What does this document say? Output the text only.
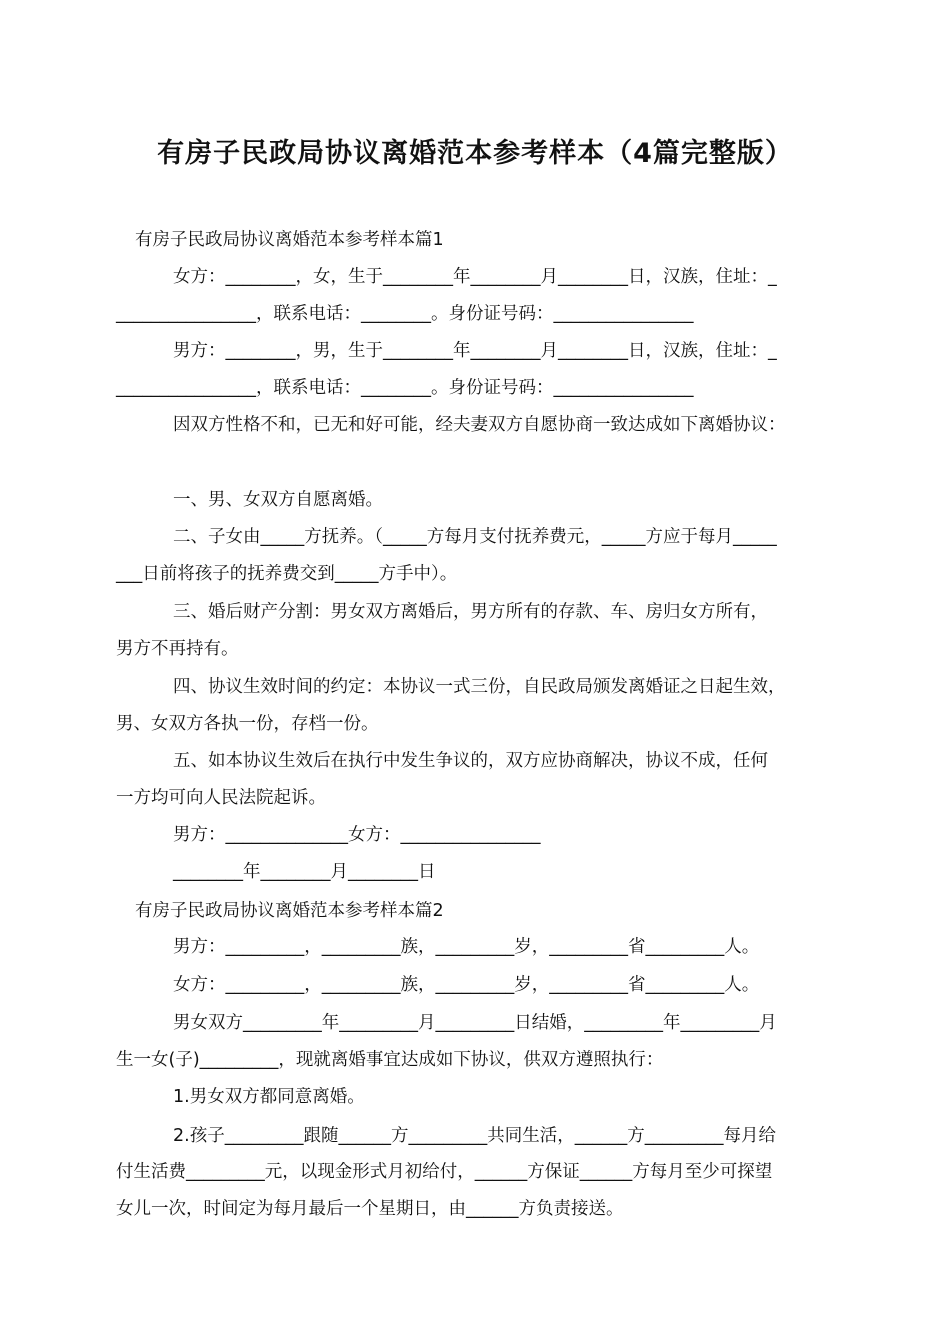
有房子民政局协议离婚范本参考样本（4篇完整版）

有房子民政局协议离婚范本参考样本篇1

女方：________，女，生于________年________月________日，汉族，住址：_

________________，联系电话：________。身份证号码：________________

男方：________，男，生于________年________月________日，汉族，住址：_

________________，联系电话：________。身份证号码：________________

因双方性格不和，已无和好可能，经夫妻双方自愿协商一致达成如下离婚协议：

一、男、女双方自愿离婚。

二、子女由_____方抚养。（_____方每月支付抚养费元，_____方应于每月_____

___日前将孩子的抚养费交到_____方手中）。

三、婚后财产分割：男女双方离婚后，男方所有的存款、车、房归女方所有，

男方不再持有。

四、协议生效时间的约定：本协议一式三份，自民政局颁发离婚证之日起生效，

男、女双方各执一份，存档一份。

五、如本协议生效后在执行中发生争议的，双方应协商解决，协议不成，任何

一方均可向人民法院起诉。

男方：______________女方：________________

________年________月________日

有房子民政局协议离婚范本参考样本篇2

男方：_________，_________族，_________岁，_________省_________人。

女方：_________，_________族，_________岁，_________省_________人。

男女双方_________年_________月_________日结婚，_________年_________月

生一女(子)_________，现就离婚事宜达成如下协议，供双方遵照执行：

1.男女双方都同意离婚。

2.孩子_________跟随______方_________共同生活，______方_________每月给

付生活费_________元，以现金形式月初给付，______方保证______方每月至少可探望

女儿一次，时间定为每月最后一个星期日，由______方负责接送。
